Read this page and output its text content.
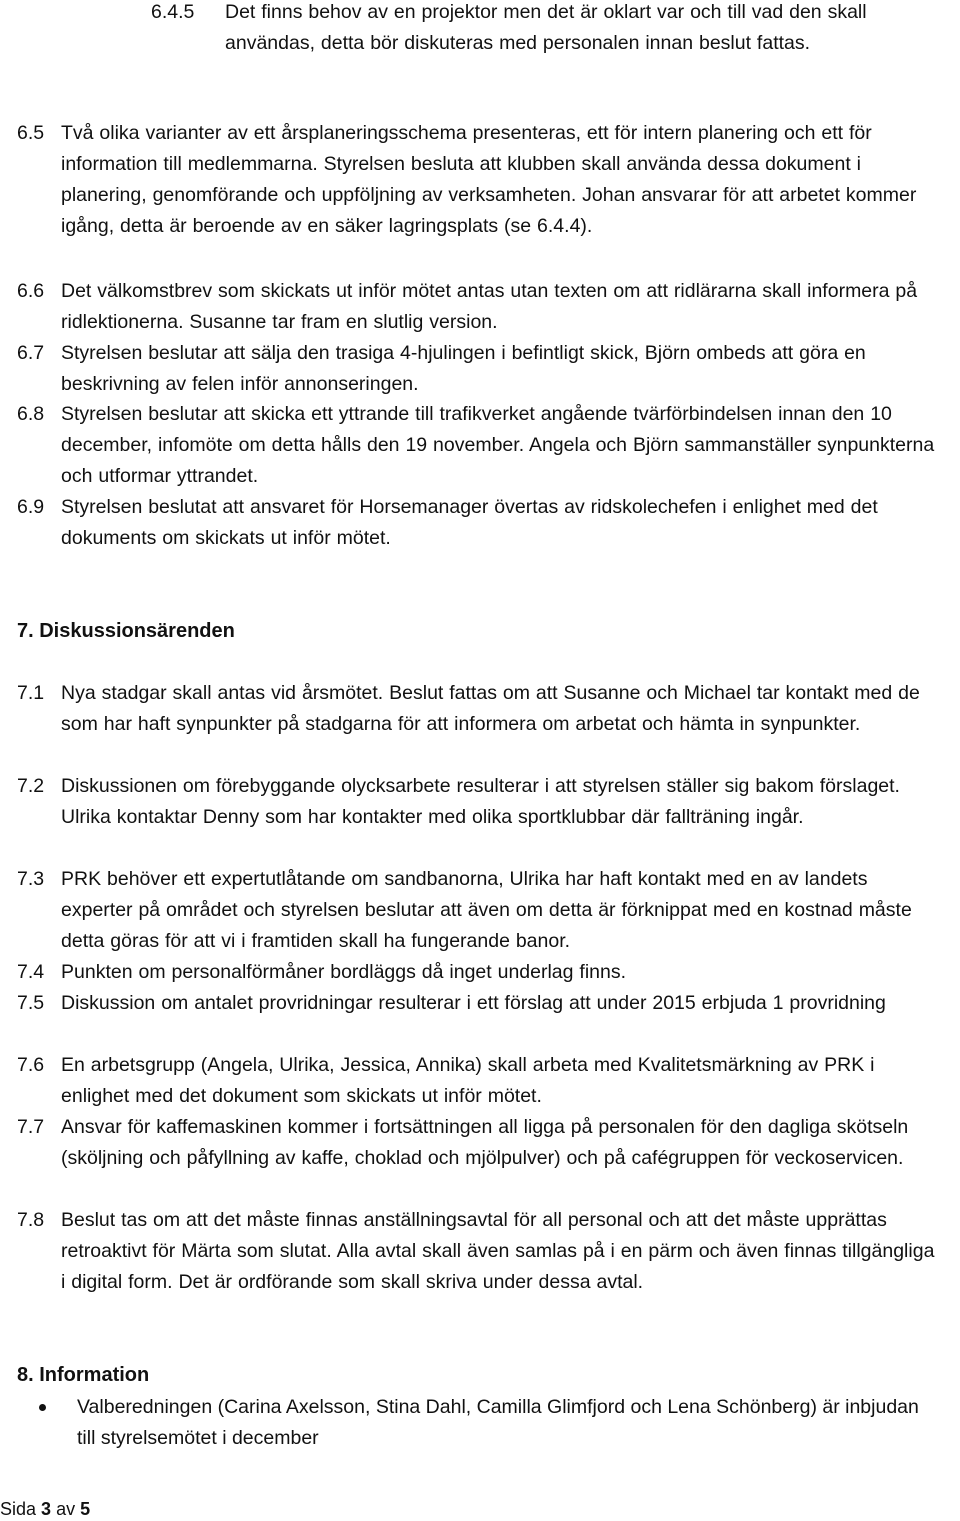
6.4.5 Det finns behov av en projektor men det är oklart var och till vad den skall användas, detta bör diskuteras med personalen innan beslut fattas.
6.5 Två olika varianter av ett årsplaneringsschema presenteras, ett för intern planering och ett för information till medlemmarna. Styrelsen besluta att klubben skall använda dessa dokument i planering, genomförande och uppföljning av verksamheten. Johan ansvarar för att arbetet kommer igång, detta är beroende av en säker lagringsplats (se 6.4.4).
6.6 Det välkomstbrev som skickats ut inför mötet antas utan texten om att ridlärarna skall informera på ridlektionerna. Susanne tar fram en slutlig version.
6.7 Styrelsen beslutar att sälja den trasiga 4-hjulingen i befintligt skick, Björn ombeds att göra en beskrivning av felen inför annonseringen.
6.8 Styrelsen beslutar att skicka ett yttrande till trafikverket angående tvärförbindelsen innan den 10 december, infomöte om detta hålls den 19 november. Angela och Björn sammanställer synpunkterna och utformar yttrandet.
6.9 Styrelsen beslutat att ansvaret för Horsemanager övertas av ridskolechefen i enlighet med det dokuments om skickats ut inför mötet.
7. Diskussionsärenden
7.1 Nya stadgar skall antas vid årsmötet. Beslut fattas om att Susanne och Michael tar kontakt med de som har haft synpunkter på stadgarna för att informera om arbetat och hämta in synpunkter.
7.2 Diskussionen om förebyggande olycksarbete resulterar i att styrelsen ställer sig bakom förslaget. Ulrika kontaktar Denny som har kontakter med olika sportklubbar där fallträning ingår.
7.3 PRK behöver ett expertutlåtande om sandbanorna, Ulrika har haft kontakt med en av landets experter på området och styrelsen beslutar att även om detta är förknippat med en kostnad måste detta göras för att vi i framtiden skall ha fungerande banor.
7.4 Punkten om personalförmåner bordläggs då inget underlag finns.
7.5 Diskussion om antalet provridningar resulterar i ett förslag att under 2015 erbjuda 1 provridning
7.6 En arbetsgrupp (Angela, Ulrika, Jessica, Annika) skall arbeta med Kvalitetsmärkning av PRK i enlighet med det dokument som skickats ut inför mötet.
7.7 Ansvar för kaffemaskinen kommer i fortsättningen all ligga på personalen för den dagliga skötseln (sköljning och påfyllning av kaffe, choklad och mjölpulver) och på cafégruppen för veckoservicen.
7.8 Beslut tas om att det måste finnas anställningsavtal för all personal och att det måste upprättas retroaktivt för Märta som slutat. Alla avtal skall även samlas på i en pärm och även finnas tillgängliga i digital form. Det är ordförande som skall skriva under dessa avtal.
8. Information
Valberedningen (Carina Axelsson, Stina Dahl, Camilla Glimfjord och Lena Schönberg) är inbjudan till styrelsemötet i december
Sida 3 av 5
